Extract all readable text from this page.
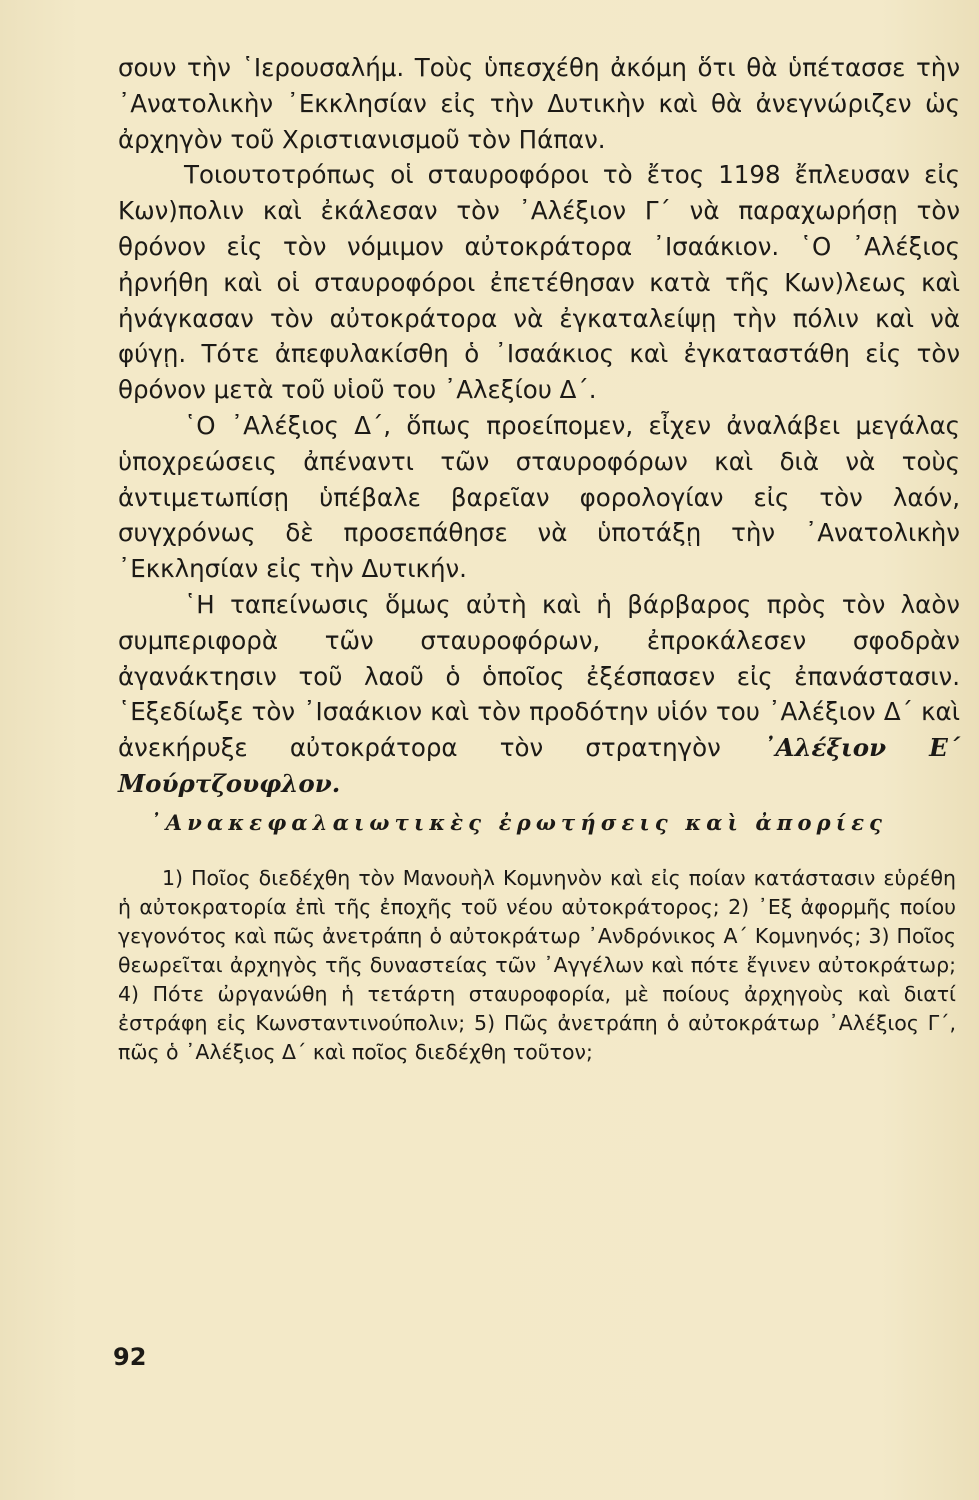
σουν τὴν ῾Ιερουσαλήμ. Τοὺς ὑπεσχέθη ἀκόμη ὅτι θὰ ὑπέτασσε τὴν ᾿Ανατολικὴν ᾿Εκκλησίαν εἰς τὴν Δυτικὴν καὶ θὰ ἀνεγνώριζεν ὡς ἀρχηγὸν τοῦ Χριστιανισμοῦ τὸν Πάπαν.

Τοιουτοτρόπως οἱ σταυροφόροι τὸ ἔτος 1198 ἔπλευσαν εἰς Κων)πολιν καὶ ἐκάλεσαν τὸν ᾿Αλέξιον Γ΄ νὰ παραχωρήσῃ τὸν θρόνον εἰς τὸν νόμιμον αὐτοκράτορα ᾿Ισαάκιον. ῾Ο ᾿Αλέξιος ἠρνήθη καὶ οἱ σταυροφόροι ἐπετέθησαν κατὰ τῆς Κων)λεως καὶ ἠνάγκασαν τὸν αὐτοκράτορα νὰ ἐγκαταλείψῃ τὴν πόλιν καὶ νὰ φύγῃ. Τότε ἀπεφυλακίσθη ὁ ᾿Ισαάκιος καὶ ἐγκαταστάθη εἰς τὸν θρόνον μετὰ τοῦ υἱοῦ του ᾿Αλεξίου Δ΄.

῾Ο ᾿Αλέξιος Δ΄, ὅπως προείπομεν, εἶχεν ἀναλάβει μεγάλας ὑποχρεώσεις ἀπέναντι τῶν σταυροφόρων καὶ διὰ νὰ τοὺς ἀντιμετωπίσῃ ὑπέβαλε βαρεῖαν φορολογίαν εἰς τὸν λαόν, συγχρόνως δὲ προσεπάθησε νὰ ὑποτάξῃ τὴν ᾿Ανατολικὴν ᾿Εκκλησίαν εἰς τὴν Δυτικήν.

῾Η ταπείνωσις ὅμως αὐτὴ καὶ ἡ βάρβαρος πρὸς τὸν λαὸν συμπεριφορὰ τῶν σταυροφόρων, ἐπροκάλεσεν σφοδρὰν ἀγανάκτησιν τοῦ λαοῦ ὁ ὁποῖος ἐξέσπασεν εἰς ἐπανάστασιν. ῾Εξεδίωξε τὸν ᾿Ισαάκιον καὶ τὸν προδότην υἱόν του ᾿Αλέξιον Δ΄ καὶ ἀνεκήρυξε αὐτοκράτορα τὸν στρατηγὸν ᾿Αλέξιον Ε΄ Μούρτζουφλον.

᾿Ανακεφαλαιωτικὲς ἐρωτήσεις καὶ ἀπορίες

1) Ποῖος διεδέχθη τὸν Μανουὴλ Κομνηνὸν καὶ εἰς ποίαν κατάστασιν εὑρέθη ἡ αὐτοκρατορία ἐπὶ τῆς ἐποχῆς τοῦ νέου αὐτοκράτορος; 2) ᾿Εξ ἀφορμῆς ποίου γεγονότος καὶ πῶς ἀνετράπη ὁ αὐτοκράτωρ ᾿Ανδρόνικος Α΄ Κομνηνός; 3) Ποῖος θεωρεῖται ἀρχηγὸς τῆς δυναστείας τῶν ᾿Αγγέλων καὶ πότε ἔγινεν αὐτοκράτωρ; 4) Πότε ὠργανώθη ἡ τετάρτη σταυροφορία, μὲ ποίους ἀρχηγοὺς καὶ διατί ἐστράφη εἰς Κωνσταντινούπολιν; 5) Πῶς ἀνετράπη ὁ αὐτοκράτωρ ᾿Αλέξιος Γ΄, πῶς ὁ ᾿Αλέξιος Δ΄ καὶ ποῖος διεδέχθη τοῦτον;

92
